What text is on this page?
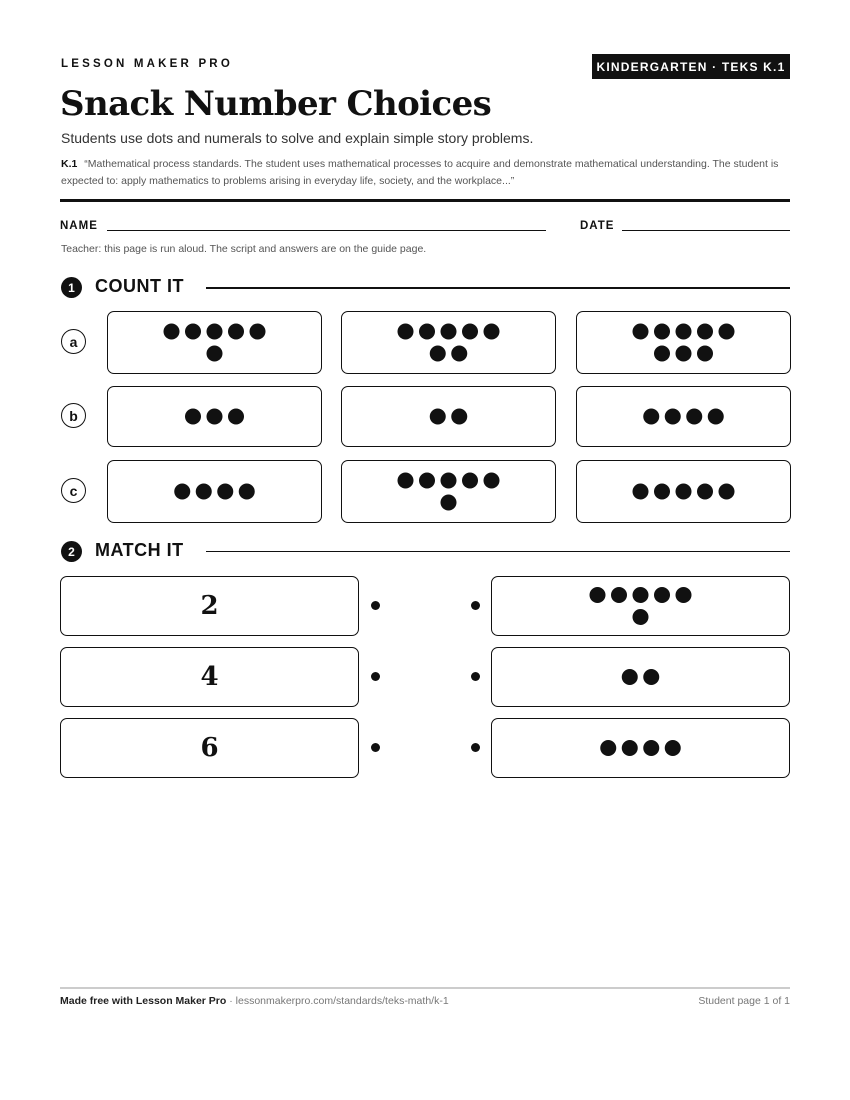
LESSON MAKER PRO	KINDERGARTEN · TEKS K.1
Snack Number Choices
Students use dots and numerals to solve and explain simple story problems.
K.1 “Mathematical process standards. The student uses mathematical processes to acquire and demonstrate mathematical understanding. The student is expected to: apply mathematics to problems arising in everyday life, society, and the workplace...”
NAME	DATE
Teacher: this page is run aloud. The script and answers are on the guide page.
1	COUNT IT
a
b
c
2	MATCH IT
2
4
6
Made free with Lesson Maker Pro · lessonmakerpro.com/standards/teks-math/k-1	Student page 1 of 1
